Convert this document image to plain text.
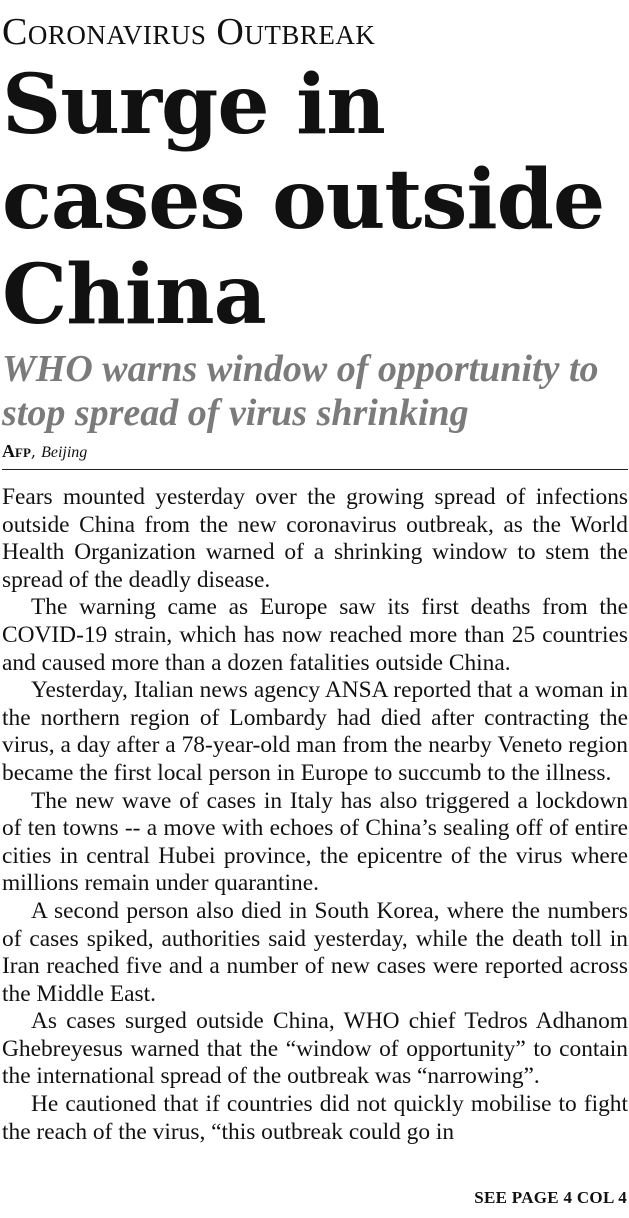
Coronavirus Outbreak
Surge in cases outside China
WHO warns window of opportunity to stop spread of virus shrinking
Afp, Beijing

Fears mounted yesterday over the growing spread of infections outside China from the new coronavirus outbreak, as the World Health Organization warned of a shrinking window to stem the spread of the deadly disease.

The warning came as Europe saw its first deaths from the COVID-19 strain, which has now reached more than 25 countries and caused more than a dozen fatalities outside China.

Yesterday, Italian news agency ANSA reported that a woman in the northern region of Lombardy had died after contracting the virus, a day after a 78-year-old man from the nearby Veneto region became the first local person in Europe to succumb to the illness.

The new wave of cases in Italy has also triggered a lockdown of ten towns -- a move with echoes of China’s sealing off of entire cities in central Hubei province, the epicentre of the virus where millions remain under quarantine.

A second person also died in South Korea, where the numbers of cases spiked, authorities said yesterday, while the death toll in Iran reached five and a number of new cases were reported across the Middle East.

As cases surged outside China, WHO chief Tedros Adhanom Ghebreyesus warned that the “window of opportunity” to contain the international spread of the outbreak was “narrowing”.

He cautioned that if countries did not quickly mobilise to fight the reach of the virus, “this outbreak could go in

SEE PAGE 4 COL 4
